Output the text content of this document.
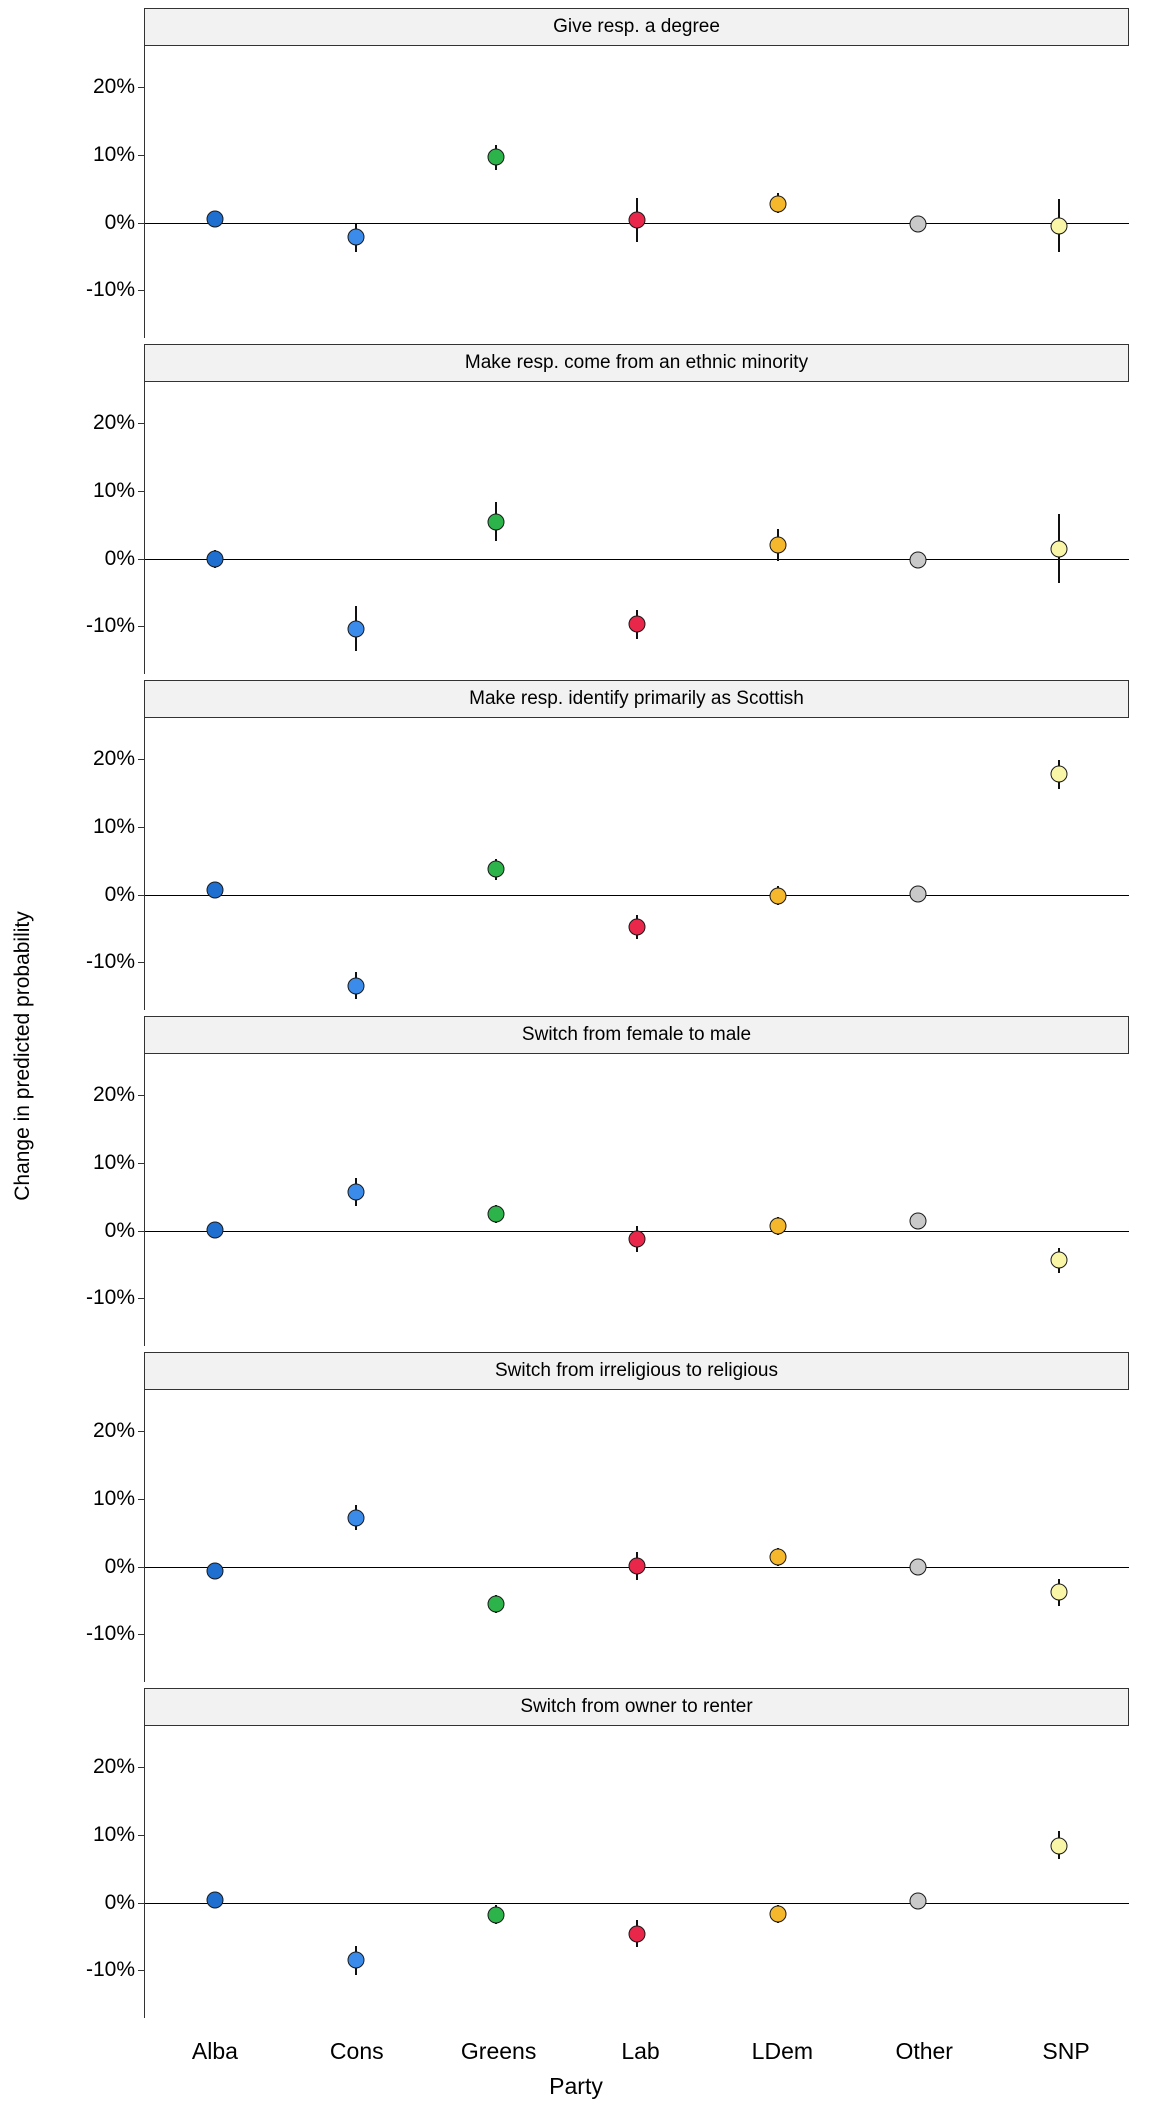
Change in predicted probability
Give resp. a degree
20%
10%
0%
-10%
Make resp. come from an ethnic minority
20%
10%
0%
-10%
Make resp. identify primarily as Scottish
20%
10%
0%
-10%
Switch from female to male
20%
10%
0%
-10%
Switch from irreligious to religious
20%
10%
0%
-10%
Switch from owner to renter
20%
10%
0%
-10%
Alba	Cons	Greens	Lab	LDem	Other	SNP
Party
